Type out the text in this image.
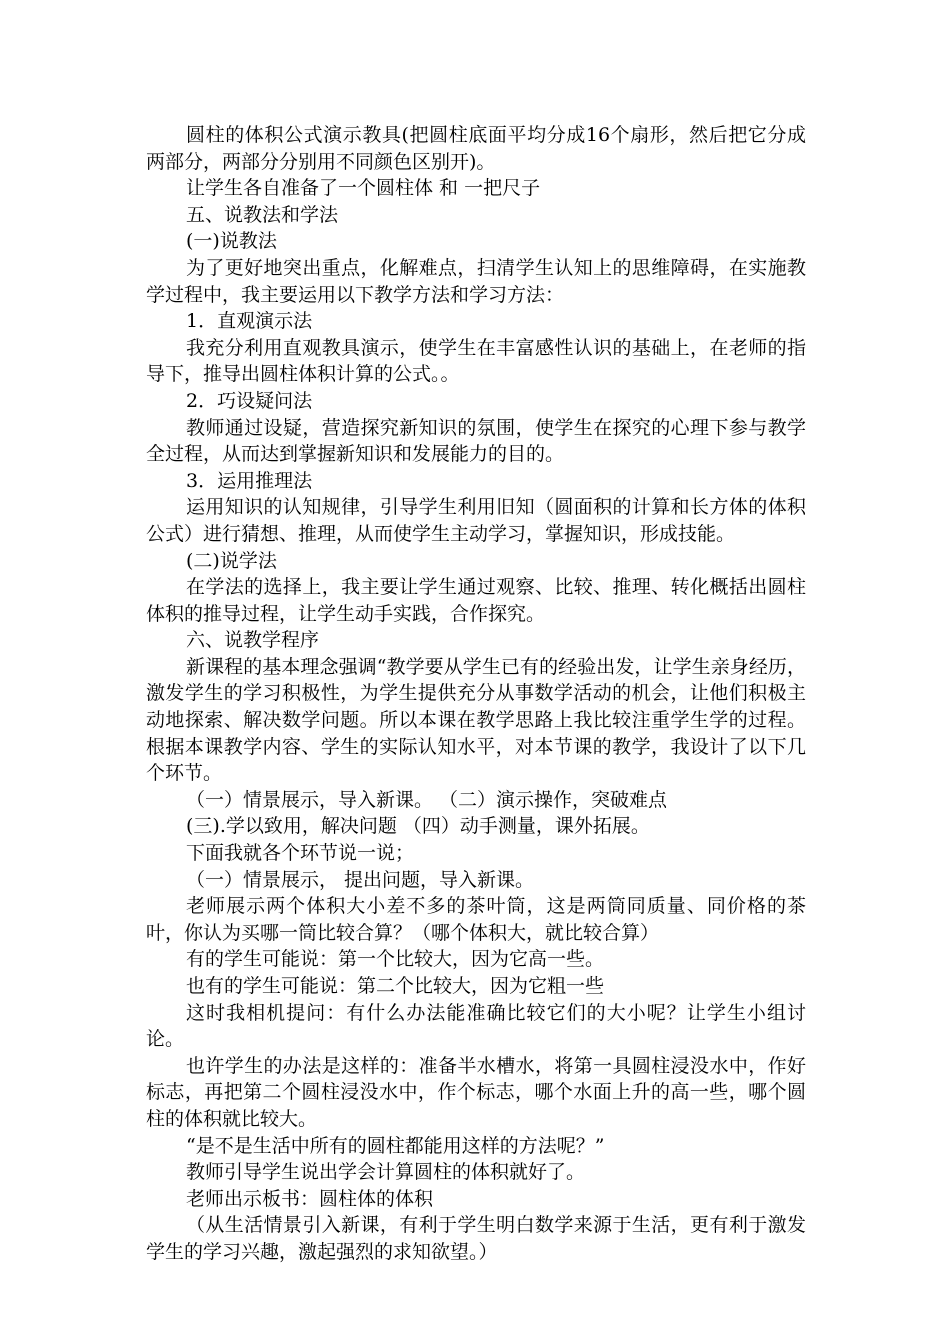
圆柱的体积公式演示教具(把圆柱底面平均分成16个扇形，然后把它分成两部分，两部分分别用不同颜色区别开)。

让学生各自准备了一个圆柱体 和 一把尺子

五、说教法和学法

(一)说教法

为了更好地突出重点，化解难点，扫清学生认知上的思维障碍，在实施教学过程中，我主要运用以下教学方法和学习方法：

1．直观演示法

我充分利用直观教具演示，使学生在丰富感性认识的基础上，在老师的指导下，推导出圆柱体积计算的公式。。

2．巧设疑问法

教师通过设疑，营造探究新知识的氛围，使学生在探究的心理下参与教学全过程，从而达到掌握新知识和发展能力的目的。

3．运用推理法

运用知识的认知规律，引导学生利用旧知（圆面积的计算和长方体的体积公式）进行猜想、推理，从而使学生主动学习，掌握知识，形成技能。

(二)说学法

在学法的选择上，我主要让学生通过观察、比较、推理、转化概括出圆柱体积的推导过程，让学生动手实践，合作探究。

六、说教学程序

新课程的基本理念强调“教学要从学生已有的经验出发，让学生亲身经历，激发学生的学习积极性，为学生提供充分从事数学活动的机会，让他们积极主动地探索、解决数学问题。所以本课在教学思路上我比较注重学生学的过程。根据本课教学内容、学生的实际认知水平，对本节课的教学，我设计了以下几个环节。

（一）情景展示，导入新课。 （二）演示操作，突破难点

(三).学以致用，解决问题 （四）动手测量，课外拓展。

下面我就各个环节说一说；

（一）情景展示， 提出问题，导入新课。

老师展示两个体积大小差不多的茶叶筒，这是两筒同质量、同价格的茶叶，你认为买哪一筒比较合算？（哪个体积大，就比较合算）

有的学生可能说：第一个比较大，因为它高一些。

也有的学生可能说：第二个比较大，因为它粗一些

这时我相机提问：有什么办法能准确比较它们的大小呢？让学生小组讨论。

也许学生的办法是这样的：准备半水槽水，将第一具圆柱浸没水中，作好标志，再把第二个圆柱浸没水中，作个标志，哪个水面上升的高一些，哪个圆柱的体积就比较大。

“是不是生活中所有的圆柱都能用这样的方法呢？”

教师引导学生说出学会计算圆柱的体积就好了。

老师出示板书：圆柱体的体积

（从生活情景引入新课，有利于学生明白数学来源于生活，更有利于激发学生的学习兴趣，激起强烈的求知欲望。）
